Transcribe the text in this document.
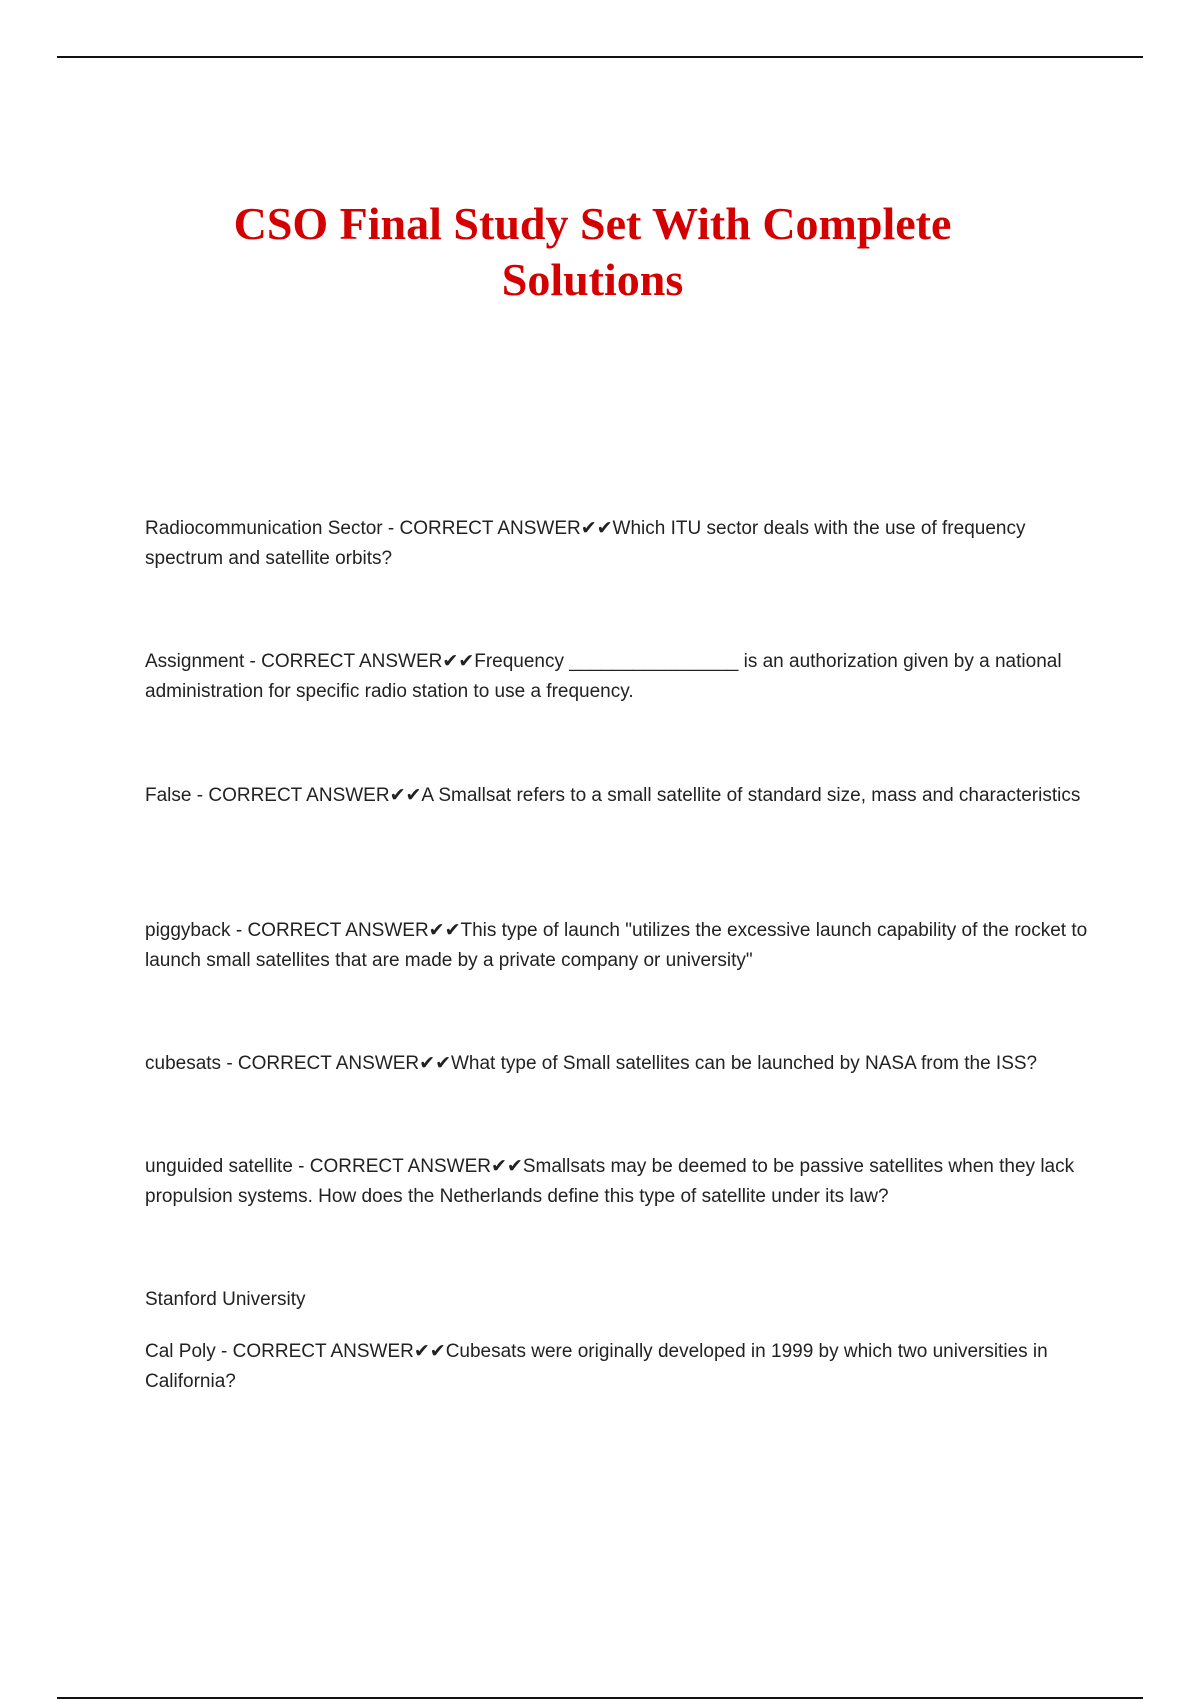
CSO Final Study Set With Complete Solutions

Radiocommunication Sector - CORRECT ANSWER✔✔Which ITU sector deals with the use of frequency spectrum and satellite orbits?

Assignment - CORRECT ANSWER✔✔Frequency ________________ is an authorization given by a national administration for specific radio station to use a frequency.

False - CORRECT ANSWER✔✔A Smallsat refers to a small satellite of standard size, mass and characteristics

piggyback - CORRECT ANSWER✔✔This type of launch "utilizes the excessive launch capability of the rocket to launch small satellites that are made by a private company or university"

cubesats - CORRECT ANSWER✔✔What type of Small satellites can be launched by NASA from the ISS?

unguided satellite - CORRECT ANSWER✔✔Smallsats may be deemed to be passive satellites when they lack propulsion systems. How does the Netherlands define this type of satellite under its law?

Stanford University

Cal Poly - CORRECT ANSWER✔✔Cubesats were originally developed in 1999 by which two universities in California?
